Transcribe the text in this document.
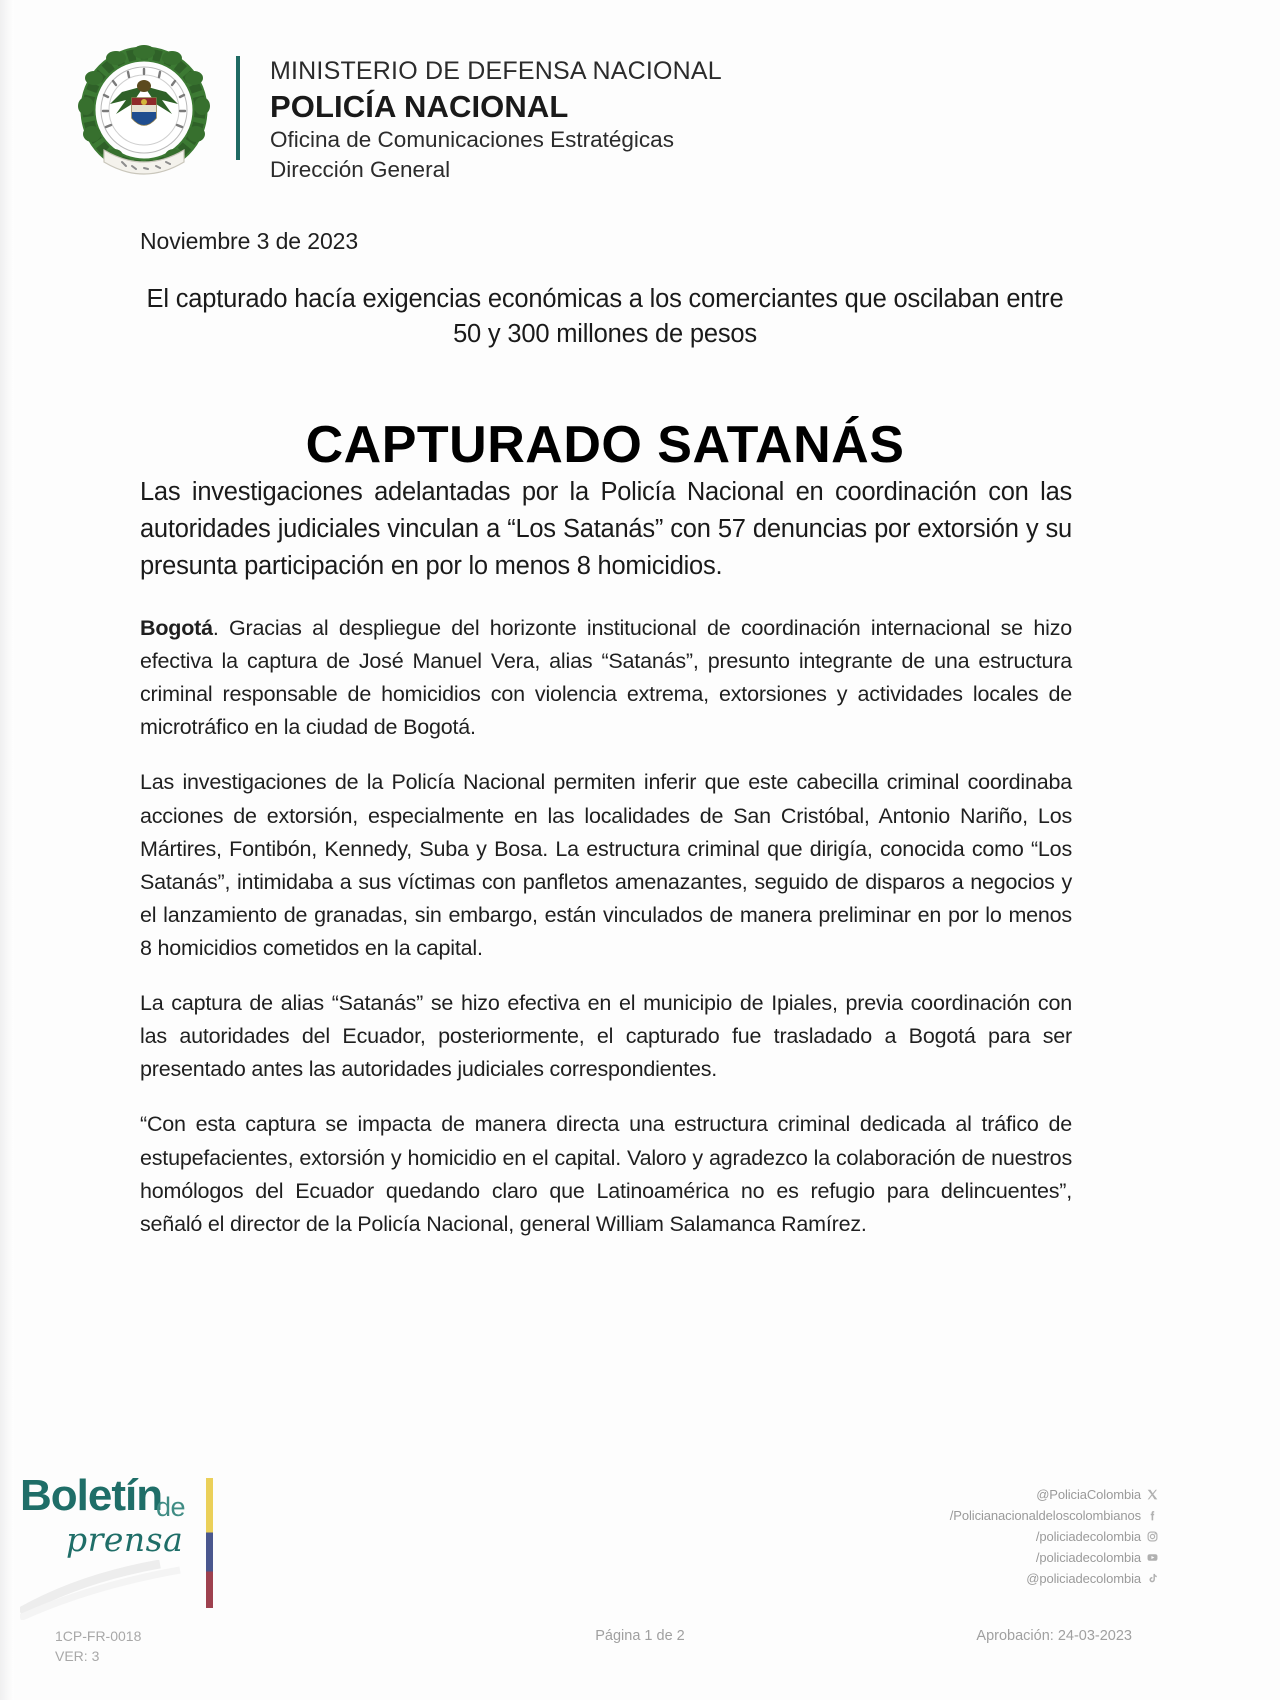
MINISTERIO DE DEFENSA NACIONAL
POLICÍA NACIONAL
Oficina de Comunicaciones Estratégicas
Dirección General
Noviembre 3 de 2023
El capturado hacía exigencias económicas a los comerciantes que oscilaban entre 50 y 300 millones de pesos
CAPTURADO SATANÁS
Las investigaciones adelantadas por la Policía Nacional en coordinación con las autoridades judiciales vinculan a “Los Satanás” con 57 denuncias por extorsión y su presunta participación en por lo menos 8 homicidios.

Bogotá. Gracias al despliegue del horizonte institucional de coordinación internacional se hizo efectiva la captura de José Manuel Vera, alias “Satanás”, presunto integrante de una estructura criminal responsable de homicidios con violencia extrema, extorsiones y actividades locales de microtráfico en la ciudad de Bogotá.

Las investigaciones de la Policía Nacional permiten inferir que este cabecilla criminal coordinaba acciones de extorsión, especialmente en las localidades de San Cristóbal, Antonio Nariño, Los Mártires, Fontibón, Kennedy, Suba y Bosa. La estructura criminal que dirigía, conocida como “Los Satanás”, intimidaba a sus víctimas con panfletos amenazantes, seguido de disparos a negocios y el lanzamiento de granadas, sin embargo, están vinculados de manera preliminar en por lo menos 8 homicidios cometidos en la capital.

La captura de alias “Satanás” se hizo efectiva en el municipio de Ipiales, previa coordinación con las autoridades del Ecuador, posteriormente, el capturado fue trasladado a Bogotá para ser presentado antes las autoridades judiciales correspondientes.

“Con esta captura se impacta de manera directa una estructura criminal dedicada al tráfico de estupefacientes, extorsión y homicidio en el capital. Valoro y agradezco la colaboración de nuestros homólogos del Ecuador quedando claro que Latinoamérica no es refugio para delincuentes”, señaló el director de la Policía Nacional, general William Salamanca Ramírez.

Boletín
de
prensa
@PoliciaColombia
/Policianacionaldeloscolombianos
/policiadecolombia
/policiadecolombia
@policiadecolombia
1CP-FR-0018
VER: 3
Página 1 de 2	Aprobación: 24-03-2023
